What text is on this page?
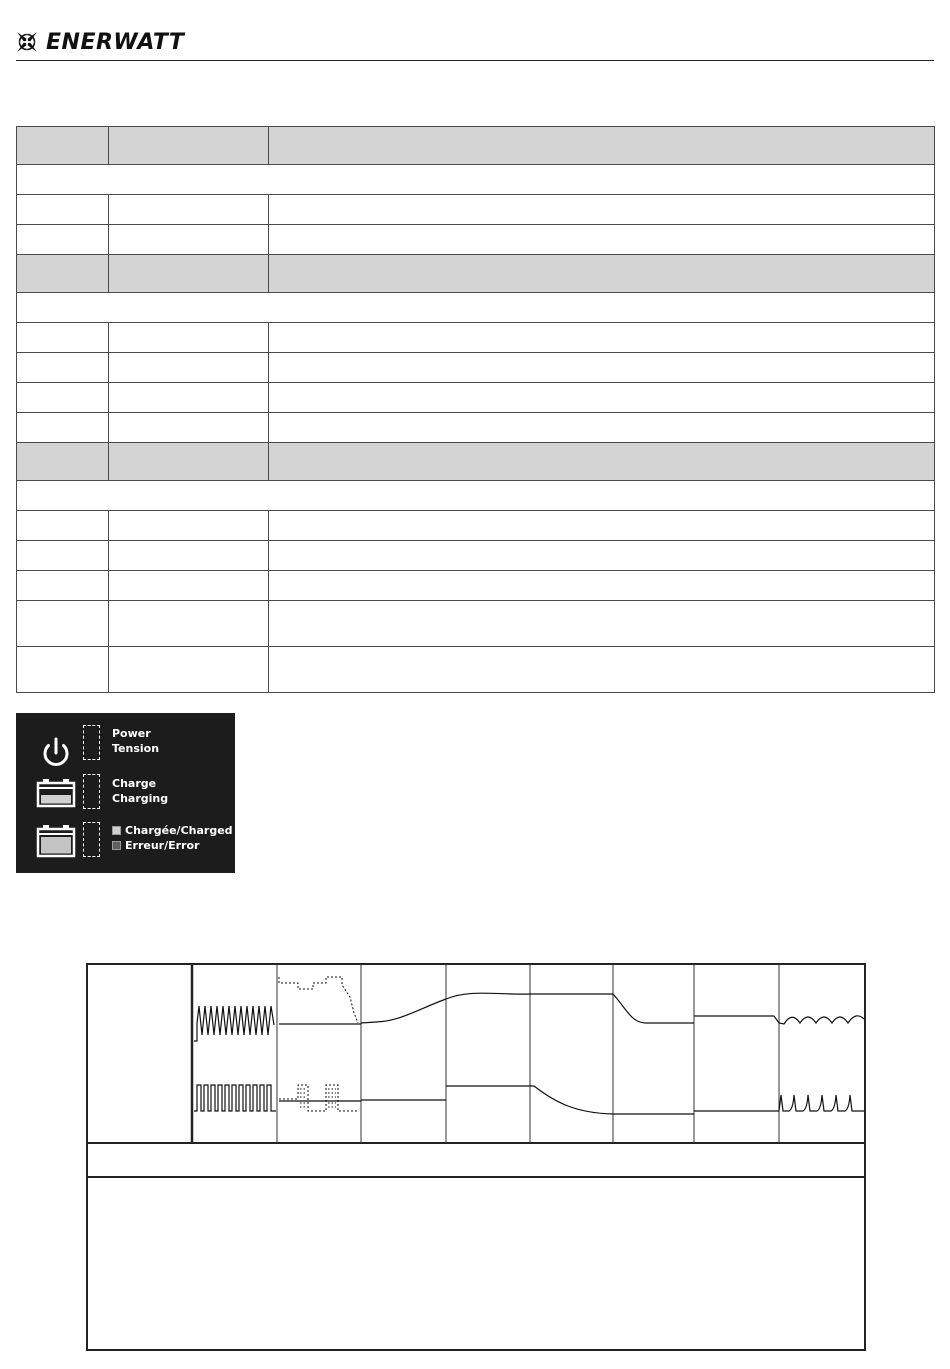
ENERWATT

Power
Tension
Charge
Charging
Chargée/Charged
Erreur/Error
